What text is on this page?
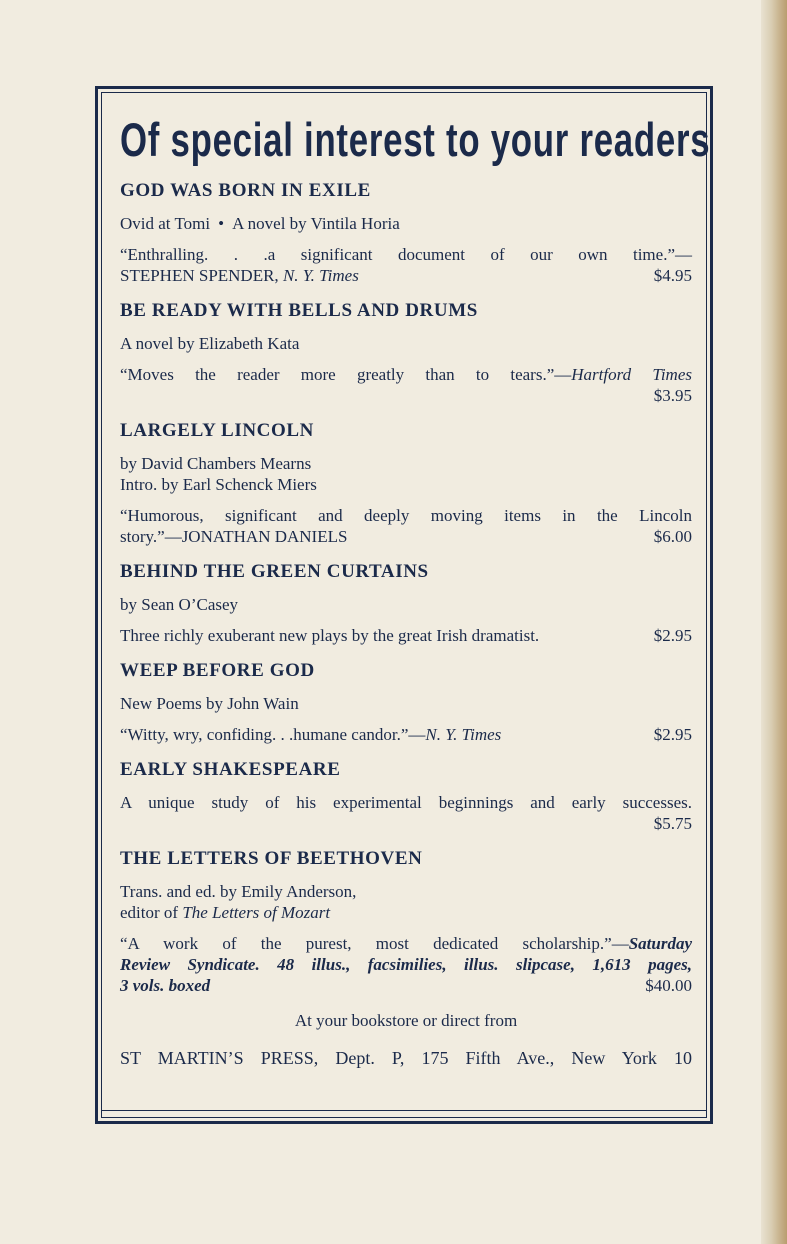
Of special interest to your readers
GOD WAS BORN IN EXILE
Ovid at Tomi • A novel by Vintila Horia
“Enthralling. . .a significant document of our own time.”—
STEPHEN SPENDER, N. Y. Times	$4.95
BE READY WITH BELLS AND DRUMS
A novel by Elizabeth Kata
“Moves the reader more greatly than to tears.”—Hartford Times
$3.95
LARGELY LINCOLN
by David Chambers Mearns
Intro. by Earl Schenck Miers
“Humorous, significant and deeply moving items in the Lincoln
story.”—JONATHAN DANIELS	$6.00
BEHIND THE GREEN CURTAINS
by Sean O’Casey
Three richly exuberant new plays by the great Irish dramatist.	$2.95
WEEP BEFORE GOD
New Poems by John Wain
“Witty, wry, confiding. . .humane candor.”—N. Y. Times	$2.95
EARLY SHAKESPEARE
A unique study of his experimental beginnings and early successes.
$5.75
THE LETTERS OF BEETHOVEN
Trans. and ed. by Emily Anderson,
editor of The Letters of Mozart
“A work of the purest, most dedicated scholarship.”—Saturday
Review Syndicate. 48 illus., facsimilies, illus. slipcase, 1,613 pages,
3 vols. boxed	$40.00
At your bookstore or direct from
ST MARTIN’S PRESS, Dept. P, 175 Fifth Ave., New York 10
